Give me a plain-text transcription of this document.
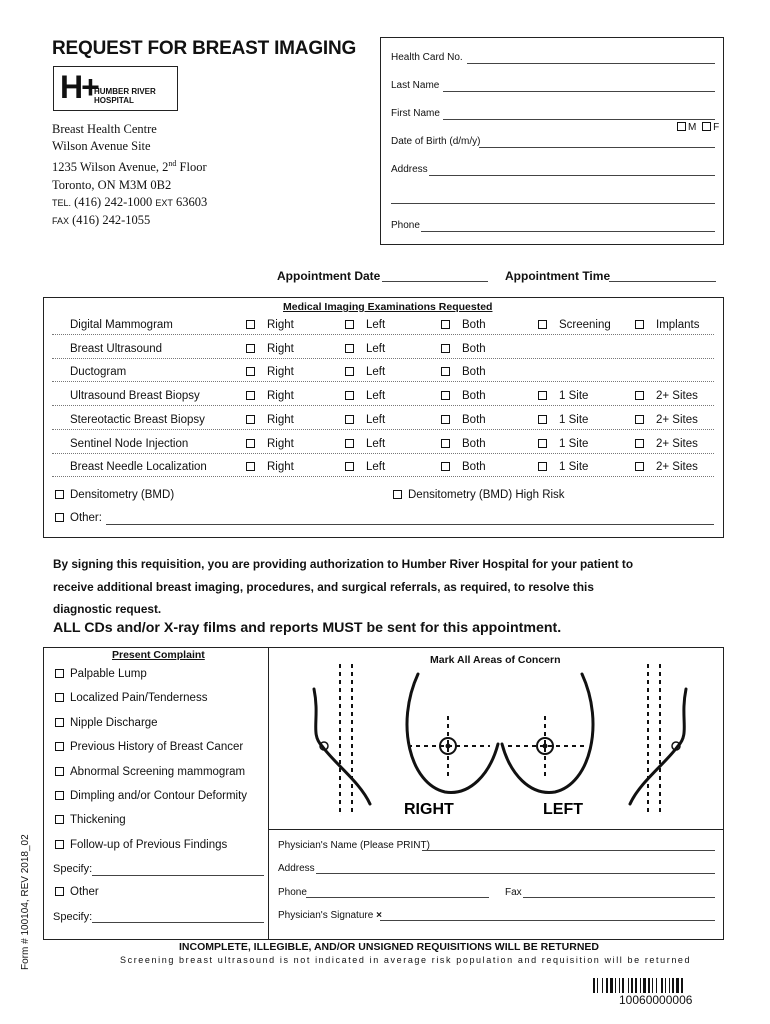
REQUEST FOR BREAST IMAGING
H+
HUMBER RIVER
HOSPITAL
Breast Health Centre
Wilson Avenue Site
1235 Wilson Avenue, 2nd Floor
Toronto, ON M3M 0B2
TEL. (416) 242-1000 EXT 63603
FAX (416) 242-1055
Health Card No.
Last Name
First Name
M F
Date of Birth (d/m/y)
Address
Phone
Appointment Date	Appointment Time
Medical Imaging Examinations Requested
Digital Mammogram	Right	Left	Both	Screening	Implants
Breast Ultrasound	Right	Left	Both
Ductogram	Right	Left	Both
Ultrasound Breast Biopsy	Right	Left	Both	1 Site	2+ Sites
Stereotactic Breast Biopsy	Right	Left	Both	1 Site	2+ Sites
Sentinel Node Injection	Right	Left	Both	1 Site	2+ Sites
Breast Needle Localization	Right	Left	Both	1 Site	2+ Sites
Densitometry (BMD)	Densitometry (BMD) High Risk
Other:
By signing this requisition, you are providing authorization to Humber River Hospital for your patient to
receive additional breast imaging, procedures, and surgical referrals, as required, to resolve this
diagnostic request.
ALL CDs and/or X-ray films and reports MUST be sent for this appointment.
Present Complaint
Palpable Lump
Localized Pain/Tenderness
Nipple Discharge
Previous History of Breast Cancer
Abnormal Screening mammogram
Dimpling and/or Contour Deformity
Thickening
Follow-up of Previous Findings
Specify:
Other
Specify:
Mark All Areas of Concern
RIGHT	LEFT
Physician's Name (Please PRINT)
Address
Phone	Fax
Physician's Signature ×
INCOMPLETE, ILLEGIBLE, AND/OR UNSIGNED REQUISITIONS WILL BE RETURNED
Screening breast ultrasound is not indicated in average risk population and requisition will be returned
Form # 100104, REV 2018_02
10060000006
